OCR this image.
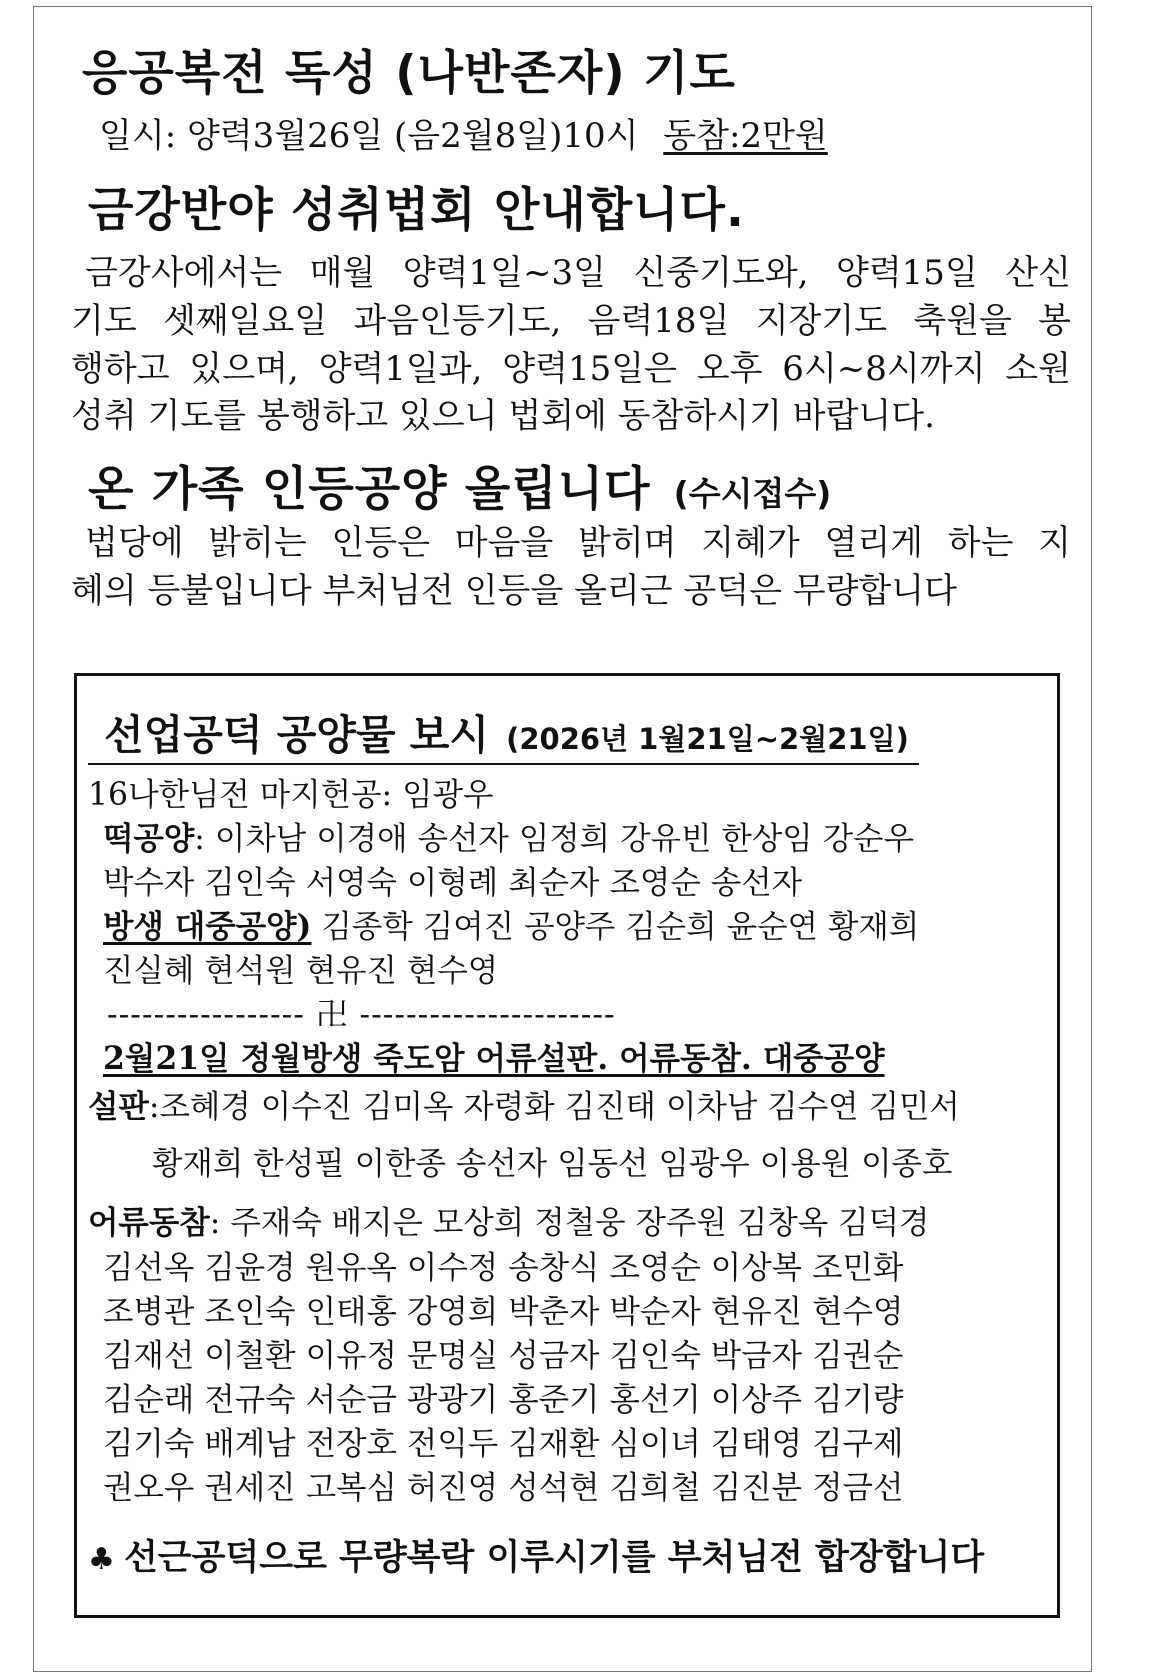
응공복전 독성 (나반존자) 기도
일시: 양력3월26일 (음2월8일)10시 동참:2만원
금강반야 성취법회 안내합니다.
금강사에서는 매월 양력1일~3일 신중기도와, 양력15일 산신
기도 셋째일요일 과음인등기도, 음력18일 지장기도 축원을 봉
행하고 있으며, 양력1일과, 양력15일은 오후 6시~8시까지 소원
성취 기도를 봉행하고 있으니 법회에 동참하시기 바랍니다.
온 가족 인등공양 올립니다 (수시접수)
법당에 밝히는 인등은 마음을 밝히며 지혜가 열리게 하는 지
혜의 등불입니다 부처님전 인등을 올리근 공덕은 무량합니다
선업공덕 공양물 보시 (2026년 1월21일~2월21일)
16나한님전 마지헌공: 임광우
떡공양: 이차남 이경애 송선자 임정희 강유빈 한상임 강순우
박수자 김인숙 서영숙 이형례 최순자 조영순 송선자
방생 대중공양) 김종학 김여진 공양주 김순희 윤순연 황재희
진실혜 현석원 현유진 현수영
----------------- 卍 ----------------------
2월21일 정월방생 죽도암 어류설판. 어류동참. 대중공양
설판:조혜경 이수진 김미옥 자령화 김진태 이차남 김수연 김민서
황재희 한성필 이한종 송선자 임동선 임광우 이용원 이종호
어류동참: 주재숙 배지은 모상희 정철웅 장주원 김창옥 김덕경
김선옥 김윤경 원유옥 이수정 송창식 조영순 이상복 조민화
조병관 조인숙 인태홍 강영희 박춘자 박순자 현유진 현수영
김재선 이철환 이유정 문명실 성금자 김인숙 박금자 김권순
김순래 전규숙 서순금 광광기 홍준기 홍선기 이상주 김기량
김기숙 배계남 전장호 전익두 김재환 심이녀 김태영 김구제
권오우 권세진 고복심 허진영 성석현 김희철 김진분 정금선
♣ 선근공덕으로 무량복락 이루시기를 부처님전 합장합니다
